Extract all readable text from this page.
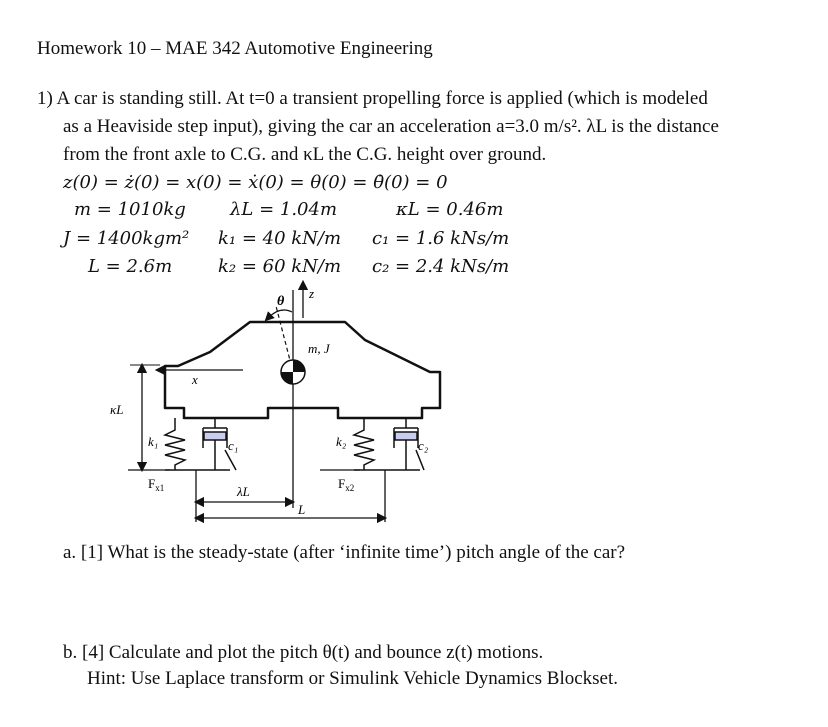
Homework 10 – MAE 342 Automotive Engineering
1) A car is standing still. At t=0 a transient propelling force is applied (which is modeled
as a Heaviside step input), giving the car an acceleration a=3.0 m/s². λL is the distance
from the front axle to C.G. and κL the C.G. height over ground.
z(0) = ż(0) = x(0) = ẋ(0) = θ(0) = θ̇(0) = 0
m = 1010kg λL = 1.04m	κL = 0.46m
J = 1400kgm² k₁ = 40 kN/m c₁ = 1.6 kNs/m
L = 2.6m	k₂ = 60 kN/m c₂ = 2.4 kNs/m
θ
z
m, J
x
κL
k₁	c₁	k₂	c₂
$F_{x1}$	$F_{x2}$
λL
L
a. [1] What is the steady-state (after ‘infinite time’) pitch angle of the car?
b. [4] Calculate and plot the pitch θ(t) and bounce z(t) motions.
Hint: Use Laplace transform or Simulink Vehicle Dynamics Blockset.
